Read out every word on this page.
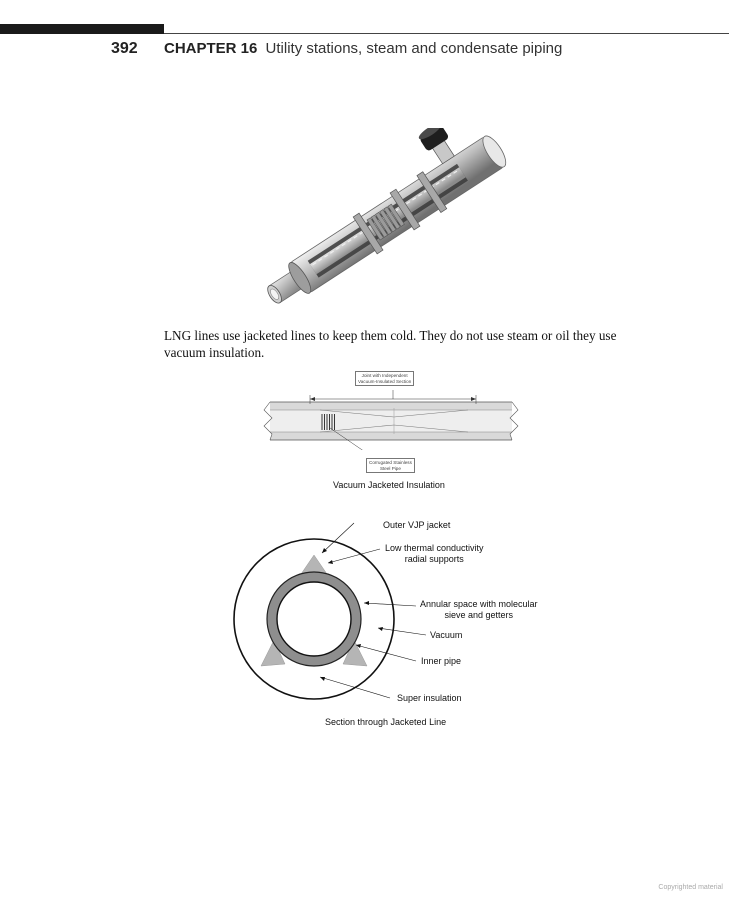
392 CHAPTER 16 Utility stations, steam and condensate piping
LNG lines use jacketed lines to keep them cold. They do not use steam or oil they use vacuum insulation.
Joint with Independent
Vacuum-Insulated Section
Corrugated Stainless
Steel Pipe
Vacuum Jacketed Insulation
Outer VJP jacket
Low thermal conductivity
radial supports
Annular space with molecular
sieve and getters
Vacuum
Inner pipe
Super insulation
Section through Jacketed Line
Copyrighted material
